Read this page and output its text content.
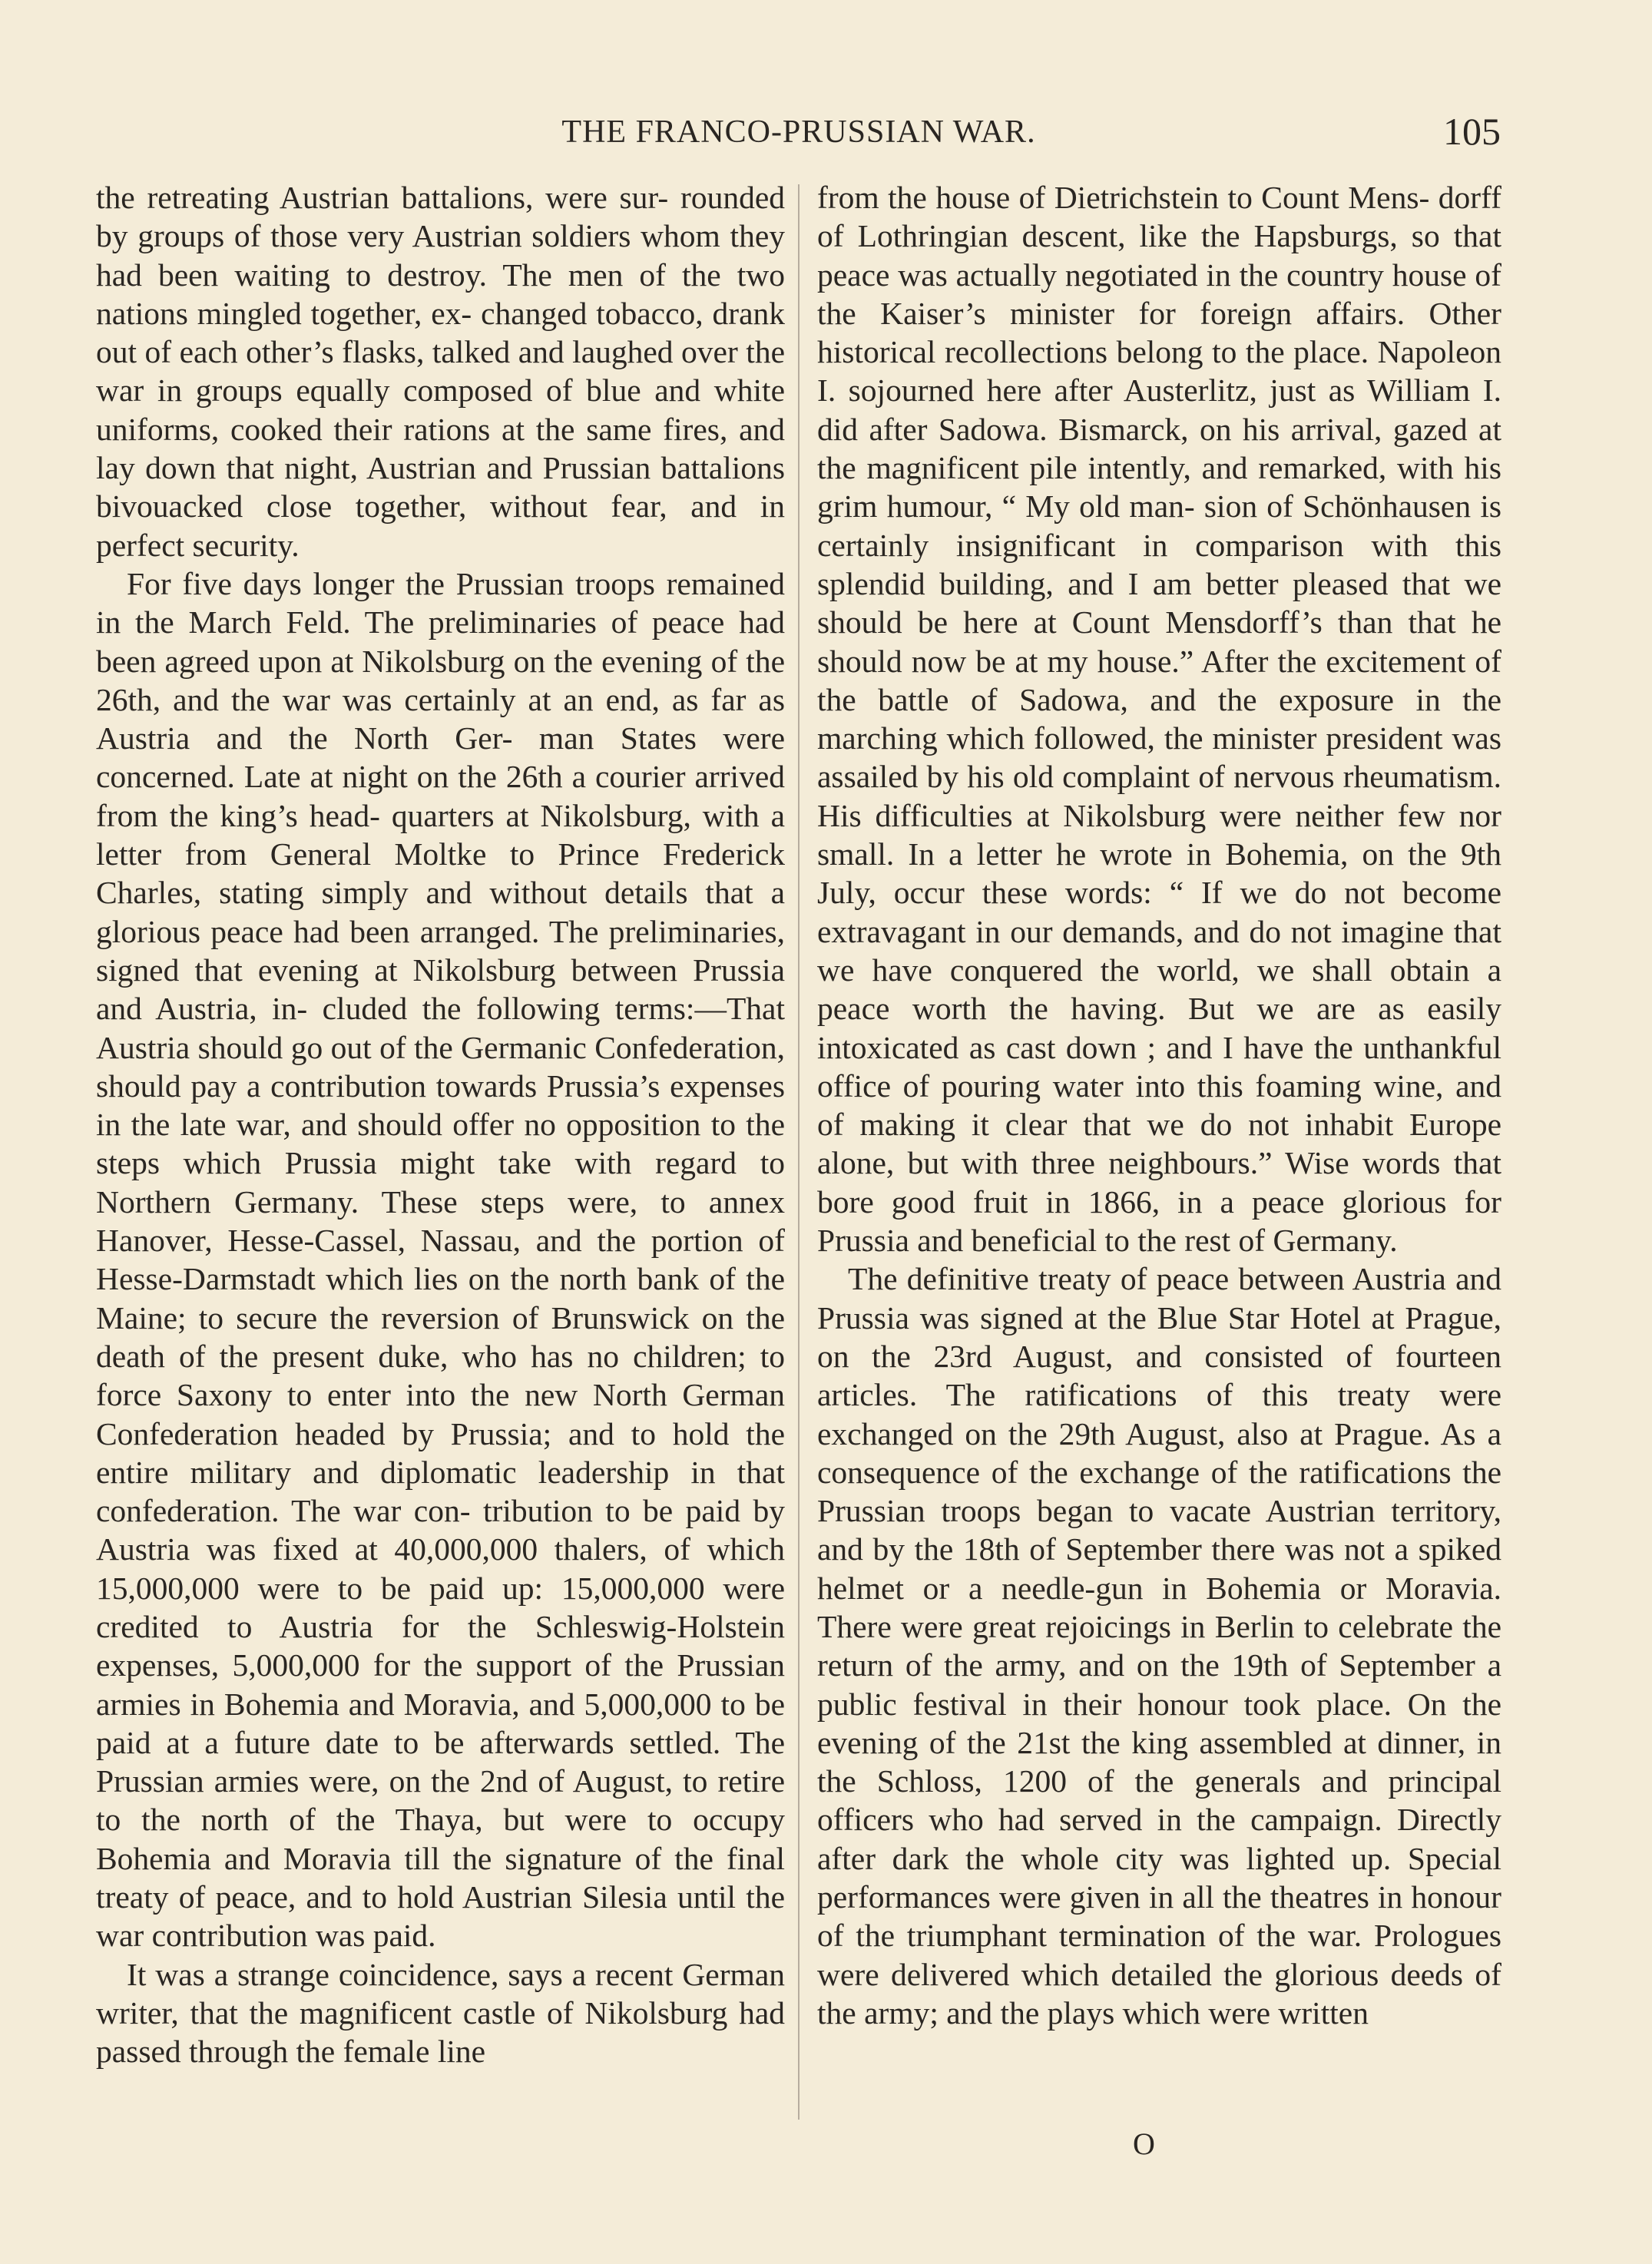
THE FRANCO-PRUSSIAN WAR.	105

the retreating Austrian battalions, were sur- rounded by groups of those very Austrian soldiers whom they had been waiting to destroy. The men of the two nations mingled together, ex- changed tobacco, drank out of each other’s flasks, talked and laughed over the war in groups equally composed of blue and white uniforms, cooked their rations at the same fires, and lay down that night, Austrian and Prussian battalions bivouacked close together, without fear, and in perfect security.

For five days longer the Prussian troops remained in the March Feld. The preliminaries of peace had been agreed upon at Nikolsburg on the evening of the 26th, and the war was certainly at an end, as far as Austria and the North Ger- man States were concerned. Late at night on the 26th a courier arrived from the king’s head- quarters at Nikolsburg, with a letter from General Moltke to Prince Frederick Charles, stating simply and without details that a glorious peace had been arranged. The preliminaries, signed that evening at Nikolsburg between Prussia and Austria, in- cluded the following terms:—That Austria should go out of the Germanic Confederation, should pay a contribution towards Prussia’s expenses in the late war, and should offer no opposition to the steps which Prussia might take with regard to Northern Germany. These steps were, to annex Hanover, Hesse-Cassel, Nassau, and the portion of Hesse-Darmstadt which lies on the north bank of the Maine; to secure the reversion of Brunswick on the death of the present duke, who has no children; to force Saxony to enter into the new North German Confederation headed by Prussia; and to hold the entire military and diplomatic leadership in that confederation. The war con- tribution to be paid by Austria was fixed at 40,000,000 thalers, of which 15,000,000 were to be paid up: 15,000,000 were credited to Austria for the Schleswig-Holstein expenses, 5,000,000 for the support of the Prussian armies in Bohemia and Moravia, and 5,000,000 to be paid at a future date to be afterwards settled. The Prussian armies were, on the 2nd of August, to retire to the north of the Thaya, but were to occupy Bohemia and Moravia till the signature of the final treaty of peace, and to hold Austrian Silesia until the war contribution was paid.

It was a strange coincidence, says a recent German writer, that the magnificent castle of Nikolsburg had passed through the female line

from the house of Dietrichstein to Count Mens- dorff of Lothringian descent, like the Hapsburgs, so that peace was actually negotiated in the country house of the Kaiser’s minister for foreign affairs. Other historical recollections belong to the place. Napoleon I. sojourned here after Austerlitz, just as William I. did after Sadowa. Bismarck, on his arrival, gazed at the magnificent pile intently, and remarked, with his grim humour, “ My old man- sion of Schönhausen is certainly insignificant in comparison with this splendid building, and I am better pleased that we should be here at Count Mensdorff’s than that he should now be at my house.” After the excitement of the battle of Sadowa, and the exposure in the marching which followed, the minister president was assailed by his old complaint of nervous rheumatism. His difficulties at Nikolsburg were neither few nor small. In a letter he wrote in Bohemia, on the 9th July, occur these words: “ If we do not become extravagant in our demands, and do not imagine that we have conquered the world, we shall obtain a peace worth the having. But we are as easily intoxicated as cast down ; and I have the unthankful office of pouring water into this foaming wine, and of making it clear that we do not inhabit Europe alone, but with three neighbours.” Wise words that bore good fruit in 1866, in a peace glorious for Prussia and beneficial to the rest of Germany.

The definitive treaty of peace between Austria and Prussia was signed at the Blue Star Hotel at Prague, on the 23rd August, and consisted of fourteen articles. The ratifications of this treaty were exchanged on the 29th August, also at Prague. As a consequence of the exchange of the ratifications the Prussian troops began to vacate Austrian territory, and by the 18th of September there was not a spiked helmet or a needle-gun in Bohemia or Moravia. There were great rejoicings in Berlin to celebrate the return of the army, and on the 19th of September a public festival in their honour took place. On the evening of the 21st the king assembled at dinner, in the Schloss, 1200 of the generals and principal officers who had served in the campaign. Directly after dark the whole city was lighted up. Special performances were given in all the theatres in honour of the triumphant termination of the war. Prologues were delivered which detailed the glorious deeds of the army; and the plays which were written

O
